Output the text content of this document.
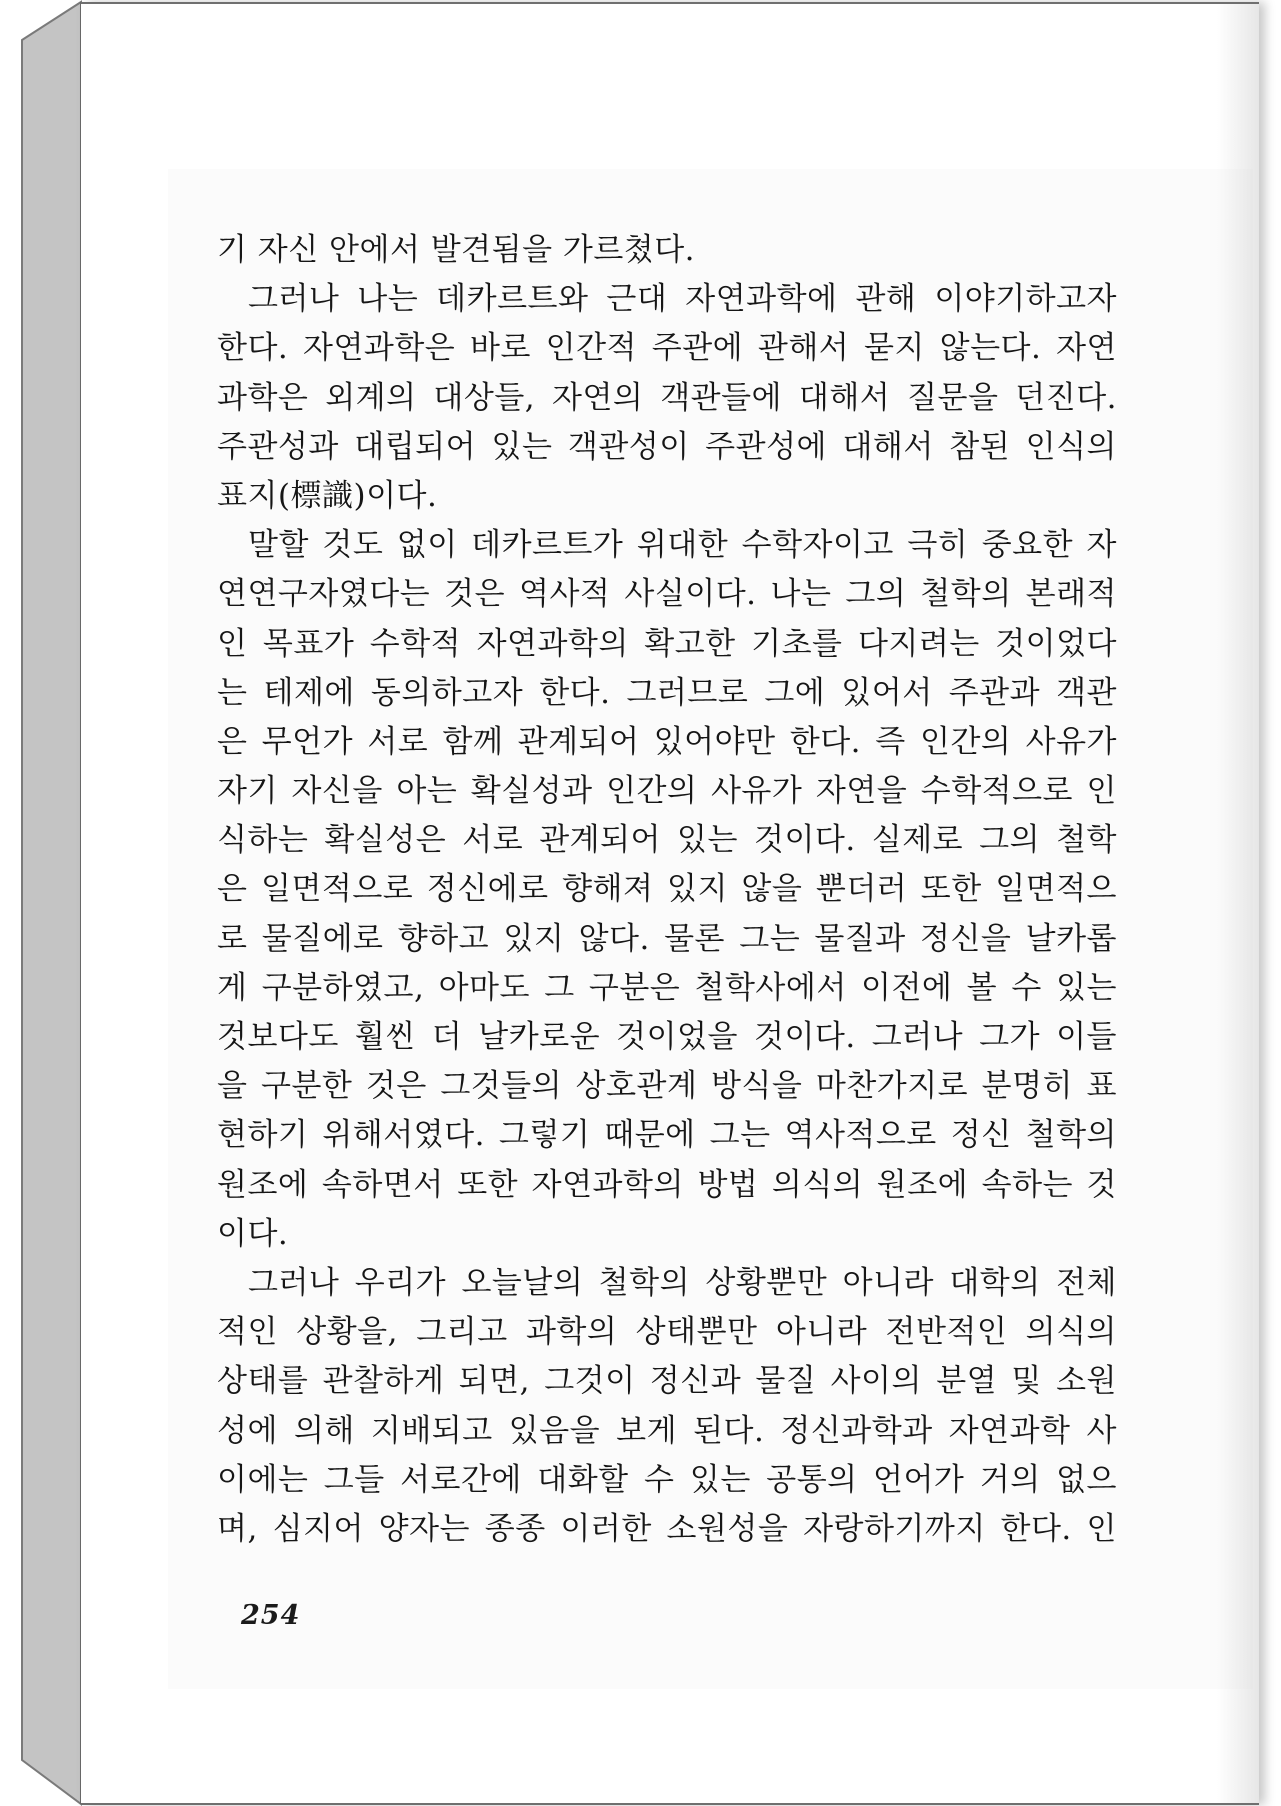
기 자신 안에서 발견됨을 가르쳤다.
그러나 나는 데카르트와 근대 자연과학에 관해 이야기하고자
한다. 자연과학은 바로 인간적 주관에 관해서 묻지 않는다. 자연
과학은 외계의 대상들, 자연의 객관들에 대해서 질문을 던진다.
주관성과 대립되어 있는 객관성이 주관성에 대해서 참된 인식의
표지(標識)이다.
말할 것도 없이 데카르트가 위대한 수학자이고 극히 중요한 자
연연구자였다는 것은 역사적 사실이다. 나는 그의 철학의 본래적
인 목표가 수학적 자연과학의 확고한 기초를 다지려는 것이었다
는 테제에 동의하고자 한다. 그러므로 그에 있어서 주관과 객관
은 무언가 서로 함께 관계되어 있어야만 한다. 즉 인간의 사유가
자기 자신을 아는 확실성과 인간의 사유가 자연을 수학적으로 인
식하는 확실성은 서로 관계되어 있는 것이다. 실제로 그의 철학
은 일면적으로 정신에로 향해져 있지 않을 뿐더러 또한 일면적으
로 물질에로 향하고 있지 않다. 물론 그는 물질과 정신을 날카롭
게 구분하였고, 아마도 그 구분은 철학사에서 이전에 볼 수 있는
것보다도 훨씬 더 날카로운 것이었을 것이다. 그러나 그가 이들
을 구분한 것은 그것들의 상호관계 방식을 마찬가지로 분명히 표
현하기 위해서였다. 그렇기 때문에 그는 역사적으로 정신 철학의
원조에 속하면서 또한 자연과학의 방법 의식의 원조에 속하는 것
이다.
그러나 우리가 오늘날의 철학의 상황뿐만 아니라 대학의 전체
적인 상황을, 그리고 과학의 상태뿐만 아니라 전반적인 의식의
상태를 관찰하게 되면, 그것이 정신과 물질 사이의 분열 및 소원
성에 의해 지배되고 있음을 보게 된다. 정신과학과 자연과학 사
이에는 그들 서로간에 대화할 수 있는 공통의 언어가 거의 없으
며, 심지어 양자는 종종 이러한 소원성을 자랑하기까지 한다. 인
254
